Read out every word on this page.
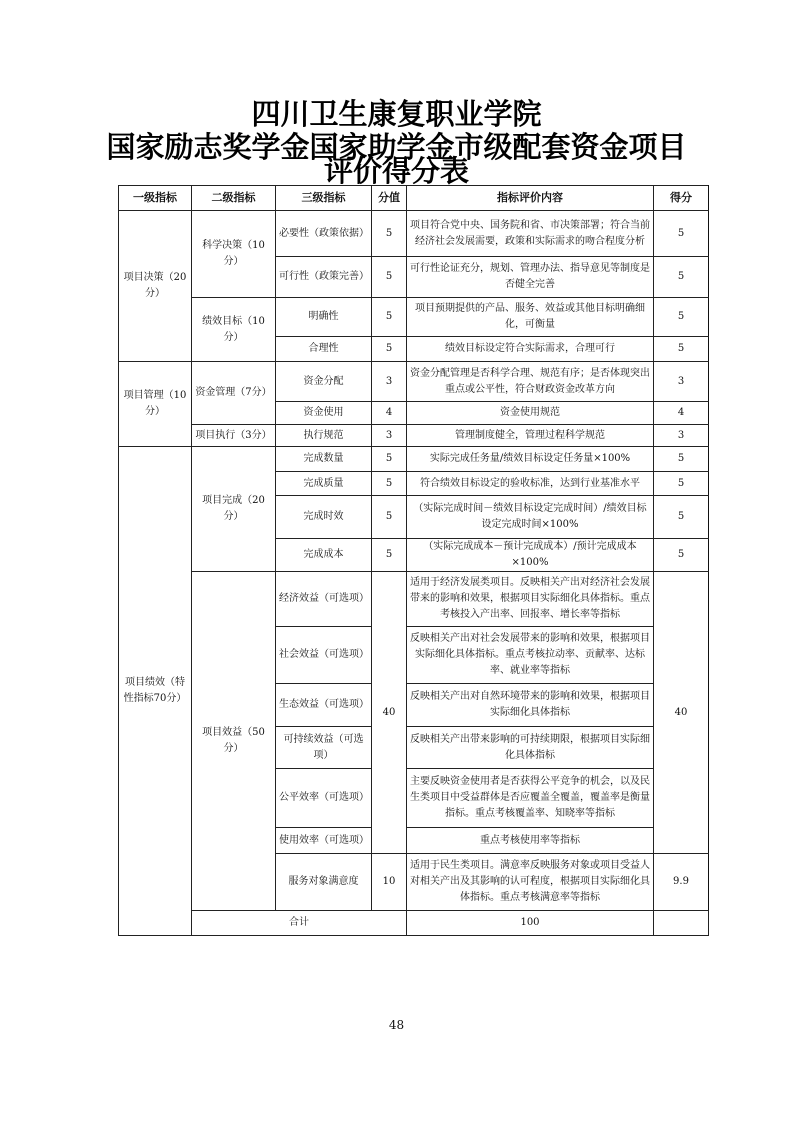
四川卫生康复职业学院
国家励志奖学金国家助学金市级配套资金项目
评价得分表
一级指标	二级指标	三级指标	分值	指标评价内容	得分	
项目决策（20分）	科学决策（10分）	必要性（政策依据）	5	项目符合党中央、国务院和省、市决策部署；符合当前经济社会发展需要，政策和实际需求的吻合程度分析	5	
		可行性（政策完善）	5	可行性论证充分，规划、管理办法、指导意见等制度是否健全完善	5	
	绩效目标（10分）	明确性	5	项目预期提供的产品、服务、效益或其他目标明确细化，可衡量	5	
		合理性	5	绩效目标设定符合实际需求，合理可行	5	
项目管理（10分）	资金管理（7分）	资金分配	3	资金分配管理是否科学合理、规范有序；是否体现突出重点或公平性，符合财政资金改革方向	3	
		资金使用	4	资金使用规范	4	
	项目执行（3分）	执行规范	3	管理制度健全，管理过程科学规范	3	
项目绩效（特性指标70分）	项目完成（20分）	完成数量	5	实际完成任务量/绩效目标设定任务量×100%	5	
		完成质量	5	符合绩效目标设定的验收标准，达到行业基准水平	5	
		完成时效	5	（实际完成时间－绩效目标设定完成时间）/绩效目标设定完成时间×100%	5	
		完成成本	5	（实际完成成本－预计完成成本）/预计完成成本×100%	5	
	项目效益（50分）	经济效益（可选项）	40	适用于经济发展类项目。反映相关产出对经济社会发展带来的影响和效果，根据项目实际细化具体指标。重点考核投入产出率、回报率、增长率等指标	40	
		社会效益（可选项）		反映相关产出对社会发展带来的影响和效果，根据项目实际细化具体指标。重点考核拉动率、贡献率、达标率、就业率等指标		
		生态效益（可选项）		反映相关产出对自然环境带来的影响和效果，根据项目实际细化具体指标		
		可持续效益（可选项）		反映相关产出带来影响的可持续期限，根据项目实际细化具体指标		
		公平效率（可选项）		主要反映资金使用者是否获得公平竞争的机会，以及民生类项目中受益群体是否应覆盖全覆盖，覆盖率是衡量指标。重点考核覆盖率、知晓率等指标		
		使用效率（可选项）		重点考核使用率等指标		
		服务对象满意度	10	适用于民生类项目。满意率反映服务对象或项目受益人对相关产出及其影响的认可程度，根据项目实际细化具体指标。重点考核满意率等指标	9.9	
	合计			100		
48
